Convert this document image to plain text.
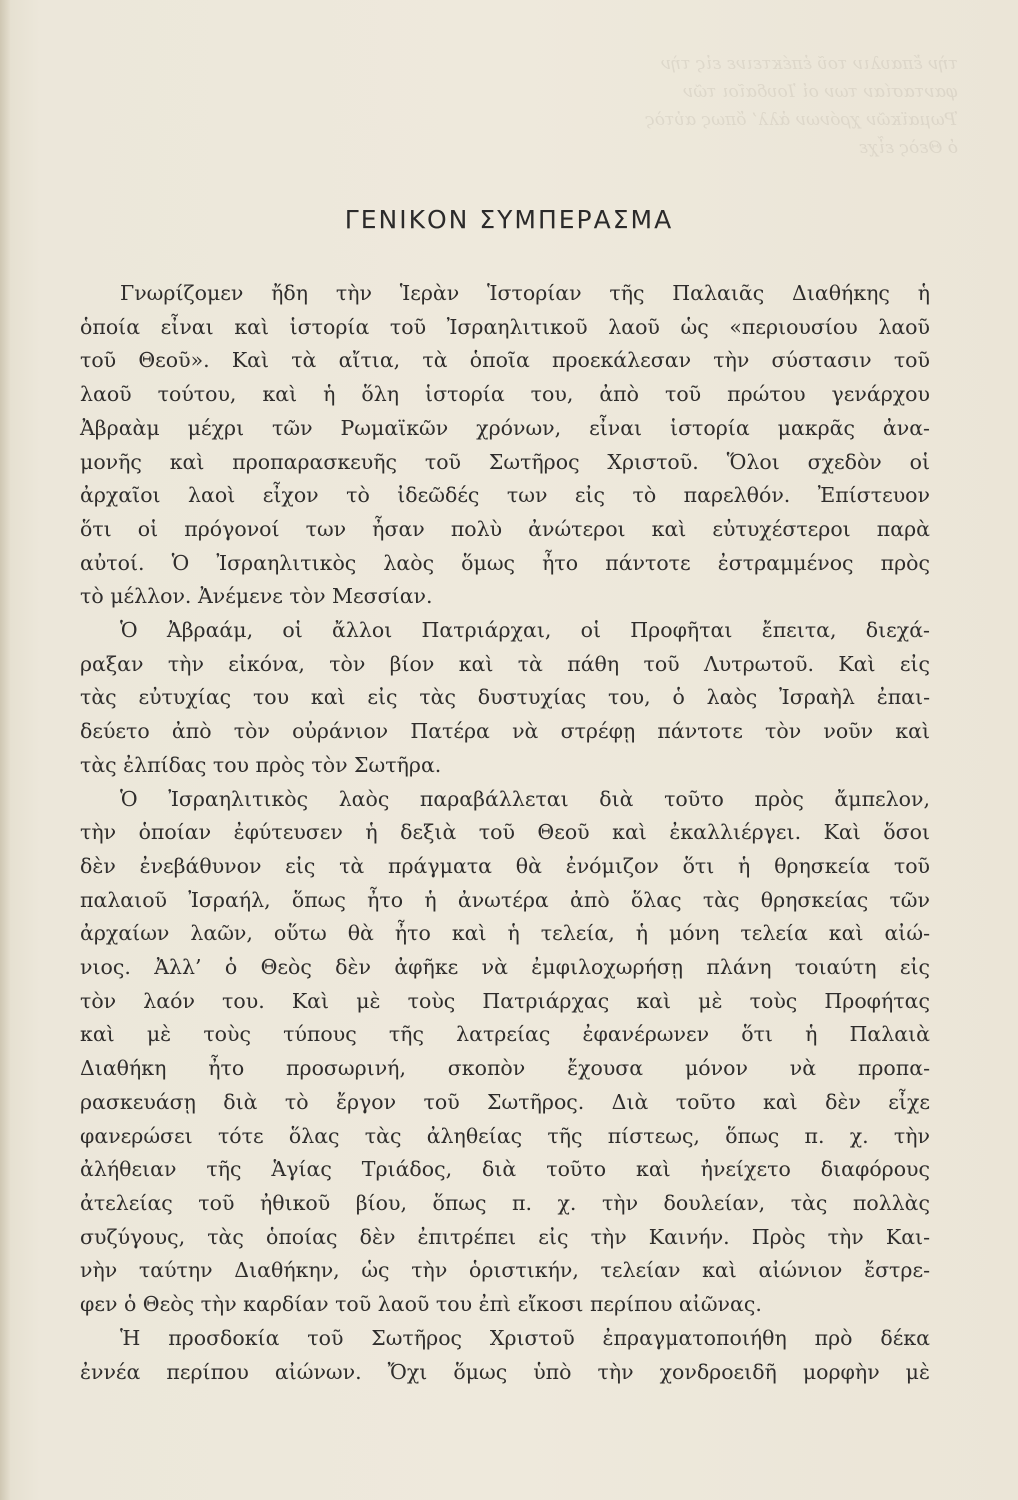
τὴν ἔπαυλιν τοῦ ἐπέκτεινε εἰς τὴν φαντασίαν των οἱ Ἰουδαῖοι τῶν Ῥωμαϊκῶν χρόνων ἀλλ’ ὅπως αὐτὸς ὁ Θεὸς εἶχε
ΓΕΝΙΚΟΝ ΣΥΜΠΕΡΑΣΜΑ
Γνωρίζομεν ἤδη τὴν Ἱερὰν Ἱστορίαν τῆς Παλαιᾶς Διαθήκης ἡ
ὁποία εἶναι καὶ ἱστορία τοῦ Ἰσραηλιτικοῦ λαοῦ ὡς «περιουσίου λαοῦ
τοῦ Θεοῦ». Καὶ τὰ αἴτια, τὰ ὁποῖα προεκάλεσαν τὴν σύστασιν τοῦ
λαοῦ τούτου, καὶ ἡ ὅλη ἱστορία του, ἀπὸ τοῦ πρώτου γενάρχου
Ἀβραὰμ μέχρι τῶν Ρωμαϊκῶν χρόνων, εἶναι ἱστορία μακρᾶς ἀνα-
μονῆς καὶ προπαρασκευῆς τοῦ Σωτῆρος Χριστοῦ. Ὅλοι σχεδὸν οἱ
ἀρχαῖοι λαοὶ εἶχον τὸ ἰδεῶδές των εἰς τὸ παρελθόν. Ἐπίστευον
ὅτι οἱ πρόγονοί των ἦσαν πολὺ ἀνώτεροι καὶ εὐτυχέστεροι παρὰ
αὐτοί. Ὁ Ἰσραηλιτικὸς λαὸς ὅμως ἦτο πάντοτε ἐστραμμένος πρὸς
τὸ μέλλον. Ἀνέμενε τὸν Μεσσίαν.
Ὁ Ἀβραάμ, οἱ ἄλλοι Πατριάρχαι, οἱ Προφῆται ἔπειτα, διεχά-
ραξαν τὴν εἰκόνα, τὸν βίον καὶ τὰ πάθη τοῦ Λυτρωτοῦ. Καὶ εἰς
τὰς εὐτυχίας του καὶ εἰς τὰς δυστυχίας του, ὁ λαὸς Ἰσραὴλ ἐπαι-
δεύετο ἀπὸ τὸν οὐράνιον Πατέρα νὰ στρέφῃ πάντοτε τὸν νοῦν καὶ
τὰς ἐλπίδας του πρὸς τὸν Σωτῆρα.
Ὁ Ἰσραηλιτικὸς λαὸς παραβάλλεται διὰ τοῦτο πρὸς ἄμπελον,
τὴν ὁποίαν ἐφύτευσεν ἡ δεξιὰ τοῦ Θεοῦ καὶ ἐκαλλιέργει. Καὶ ὅσοι
δὲν ἐνεβάθυνον εἰς τὰ πράγματα θὰ ἐνόμιζον ὅτι ἡ θρησκεία τοῦ
παλαιοῦ Ἰσραήλ, ὅπως ἦτο ἡ ἀνωτέρα ἀπὸ ὅλας τὰς θρησκείας τῶν
ἀρχαίων λαῶν, οὕτω θὰ ἦτο καὶ ἡ τελεία, ἡ μόνη τελεία καὶ αἰώ-
νιος. Ἀλλ’ ὁ Θεὸς δὲν ἀφῆκε νὰ ἐμφιλοχωρήσῃ πλάνη τοιαύτη εἰς
τὸν λαόν του. Καὶ μὲ τοὺς Πατριάρχας καὶ μὲ τοὺς Προφήτας
καὶ μὲ τοὺς τύπους τῆς λατρείας ἐφανέρωνεν ὅτι ἡ Παλαιὰ
Διαθήκη ἦτο προσωρινή, σκοπὸν ἔχουσα μόνον νὰ προπα-
ρασκευάσῃ διὰ τὸ ἔργον τοῦ Σωτῆρος. Διὰ τοῦτο καὶ δὲν εἶχε
φανερώσει τότε ὅλας τὰς ἀληθείας τῆς πίστεως, ὅπως π. χ. τὴν
ἀλήθειαν τῆς Ἁγίας Τριάδος, διὰ τοῦτο καὶ ἠνείχετο διαφόρους
ἀτελείας τοῦ ἠθικοῦ βίου, ὅπως π. χ. τὴν δουλείαν, τὰς πολλὰς
συζύγους, τὰς ὁποίας δὲν ἐπιτρέπει εἰς τὴν Καινήν. Πρὸς τὴν Και-
νὴν ταύτην Διαθήκην, ὡς τὴν ὁριστικήν, τελείαν καὶ αἰώνιον ἔστρε-
φεν ὁ Θεὸς τὴν καρδίαν τοῦ λαοῦ του ἐπὶ εἴκοσι περίπου αἰῶνας.
Ἡ προσδοκία τοῦ Σωτῆρος Χριστοῦ ἐπραγματοποιήθη πρὸ δέκα
ἐννέα περίπου αἰώνων. Ὄχι ὅμως ὑπὸ τὴν χονδροειδῆ μορφὴν μὲ
